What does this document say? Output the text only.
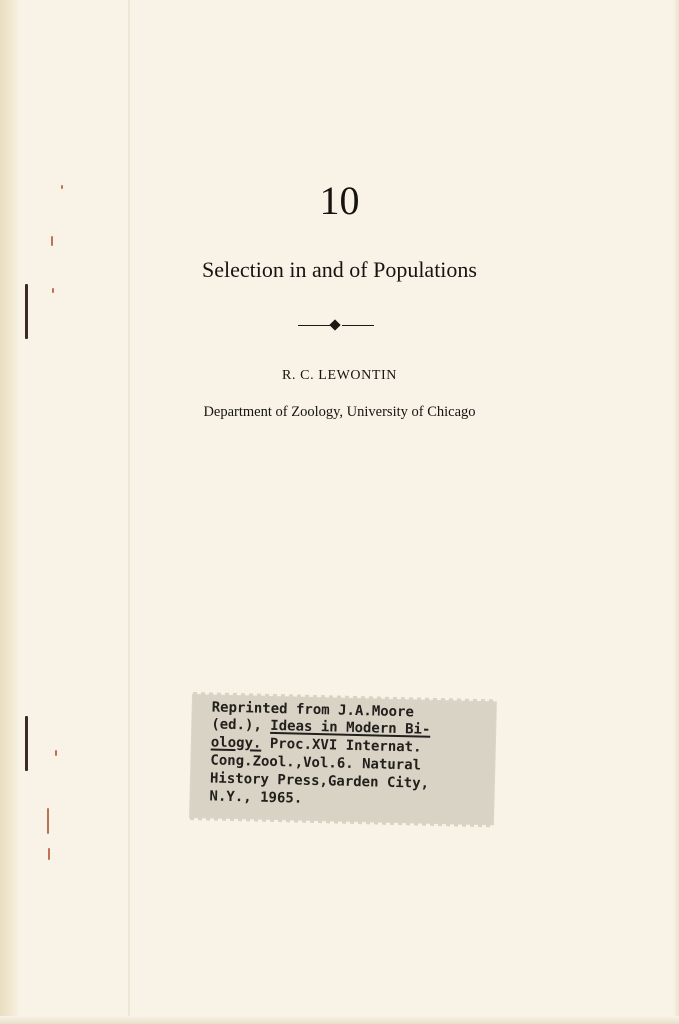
10
Selection in and of Populations
R. C. LEWONTIN
Department of Zoology, University of Chicago
Reprinted from J.A.Moore
(ed.), Ideas in Modern Bi-
ology. Proc.XVI Internat.
Cong.Zool.,Vol.6. Natural
History Press,Garden City,
N.Y., 1965.
